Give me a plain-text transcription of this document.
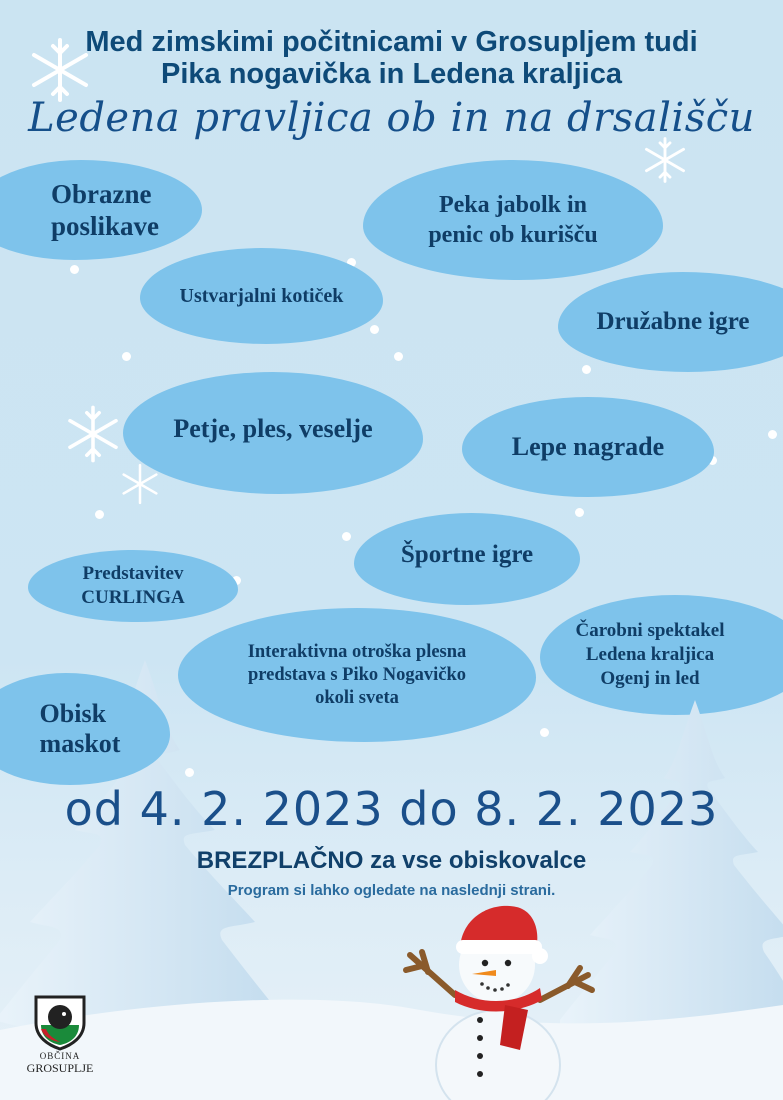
Med zimskimi počitnicami v Grosupljem tudi
Pika nogavička in Ledena kraljica
Ledena pravljica ob in na drsališču
Obrazne
poslikave
Peka jabolk in
penic ob kurišču
Ustvarjalni kotiček
Družabne igre
Petje, ples, veselje
Lepe nagrade
Športne igre
Predstavitev
CURLINGA
Čarobni spektakel
Ledena kraljica
Ogenj in led
Interaktivna otroška plesna
predstava s Piko Nogavičko
okoli sveta
Obisk
maskot
od 4. 2. 2023 do 8. 2. 2023
BREZPLAČNO za vse obiskovalce
Program si lahko ogledate na naslednji strani.
OBČINA
GROSUPLJE
